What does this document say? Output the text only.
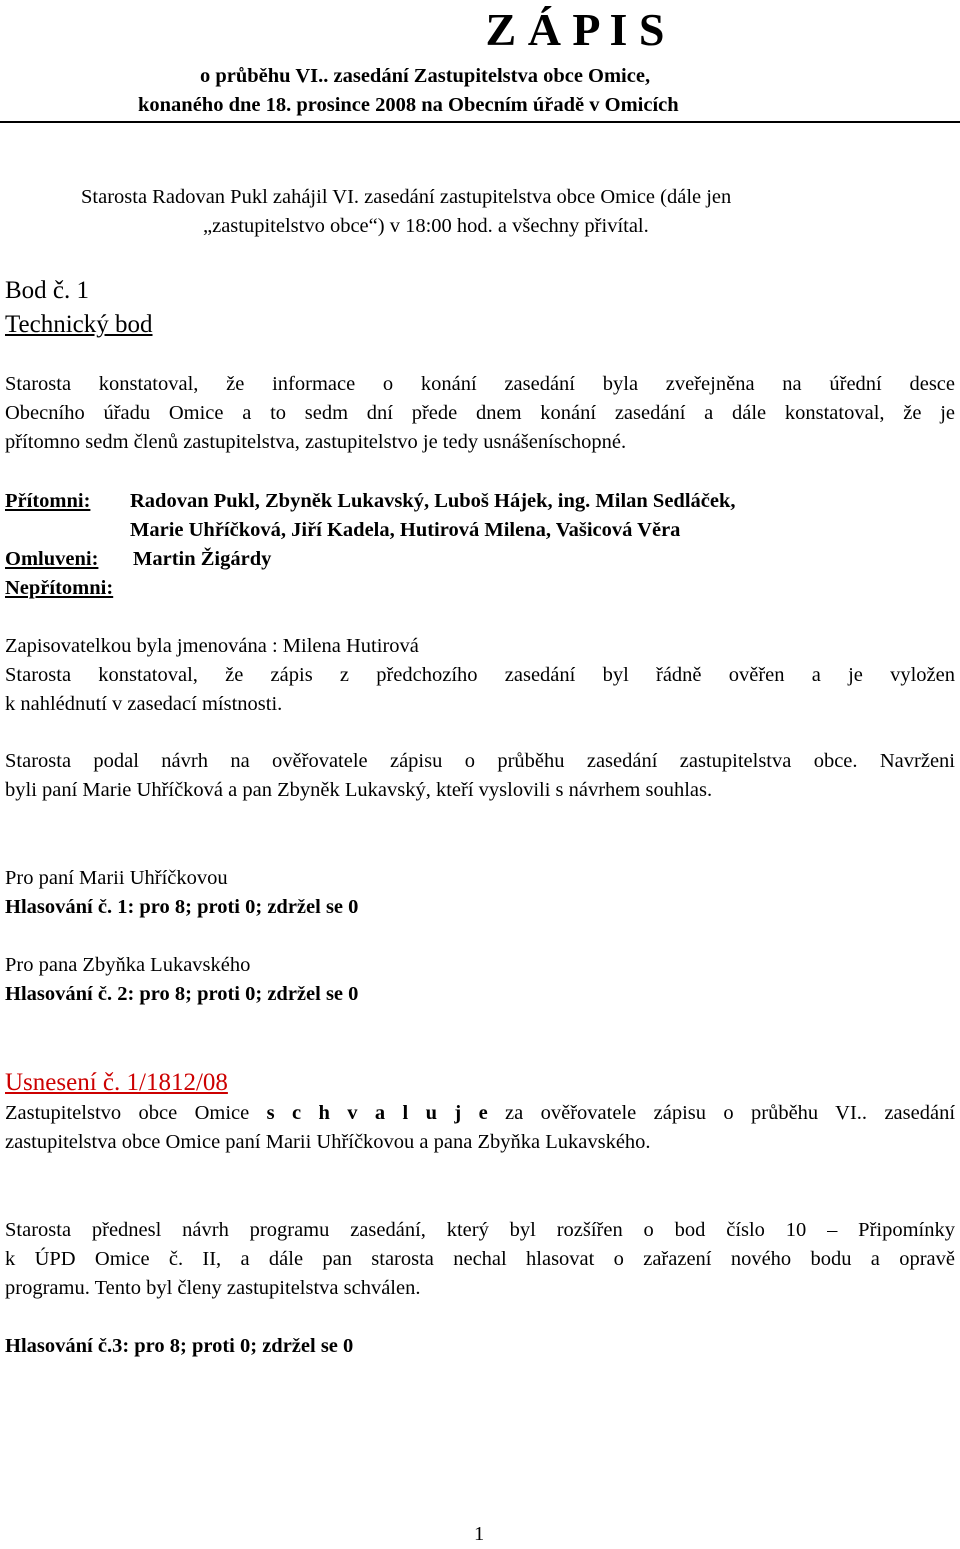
Z Á P I S
o průběhu VI.. zasedání Zastupitelstva obce Omice,
konaného dne 18. prosince 2008 na Obecním úřadě v Omicích
Starosta Radovan Pukl zahájil VI. zasedání zastupitelstva obce Omice (dále jen
„zastupitelstvo obce“) v 18:00 hod. a všechny přivítal.
Bod č. 1
Technický bod
Starosta konstatoval, že informace o konání zasedání byla zveřejněna na úřední desce
Obecního úřadu Omice a to sedm dní přede dnem konání zasedání a dále konstatoval, že je
přítomno sedm členů zastupitelstva, zastupitelstvo je tedy usnášeníschopné.
Přítomni: Radovan Pukl, Zbyněk Lukavský, Luboš Hájek, ing. Milan Sedláček,
Marie Uhříčková, Jiří Kadela, Hutirová Milena, Vašicová Věra
Omluveni: Martin Žigárdy
Nepřítomni:
Zapisovatelkou byla jmenována : Milena Hutirová
Starosta konstatoval, že zápis z předchozího zasedání byl řádně ověřen a je vyložen
k nahlédnutí v zasedací místnosti.
Starosta podal návrh na ověřovatele zápisu o průběhu zasedání zastupitelstva obce. Navrženi
byli paní Marie Uhříčková a pan Zbyněk Lukavský, kteří vyslovili s návrhem souhlas.
Pro paní Marii Uhříčkovou
Hlasování č. 1: pro 8; proti 0; zdržel se 0
Pro pana Zbyňka Lukavského
Hlasování č. 2: pro 8; proti 0; zdržel se 0
Usnesení č. 1/1812/08
Zastupitelstvo obce Omice s c h v a l u j e za ověřovatele zápisu o průběhu VI.. zasedání
zastupitelstva obce Omice paní Marii Uhříčkovou a pana Zbyňka Lukavského.
Starosta přednesl návrh programu zasedání, který byl rozšířen o bod číslo 10 – Připomínky
k ÚPD Omice č. II, a dále pan starosta nechal hlasovat o zařazení nového bodu a opravě
programu. Tento byl členy zastupitelstva schválen.
Hlasování č.3: pro 8; proti 0; zdržel se 0
1
